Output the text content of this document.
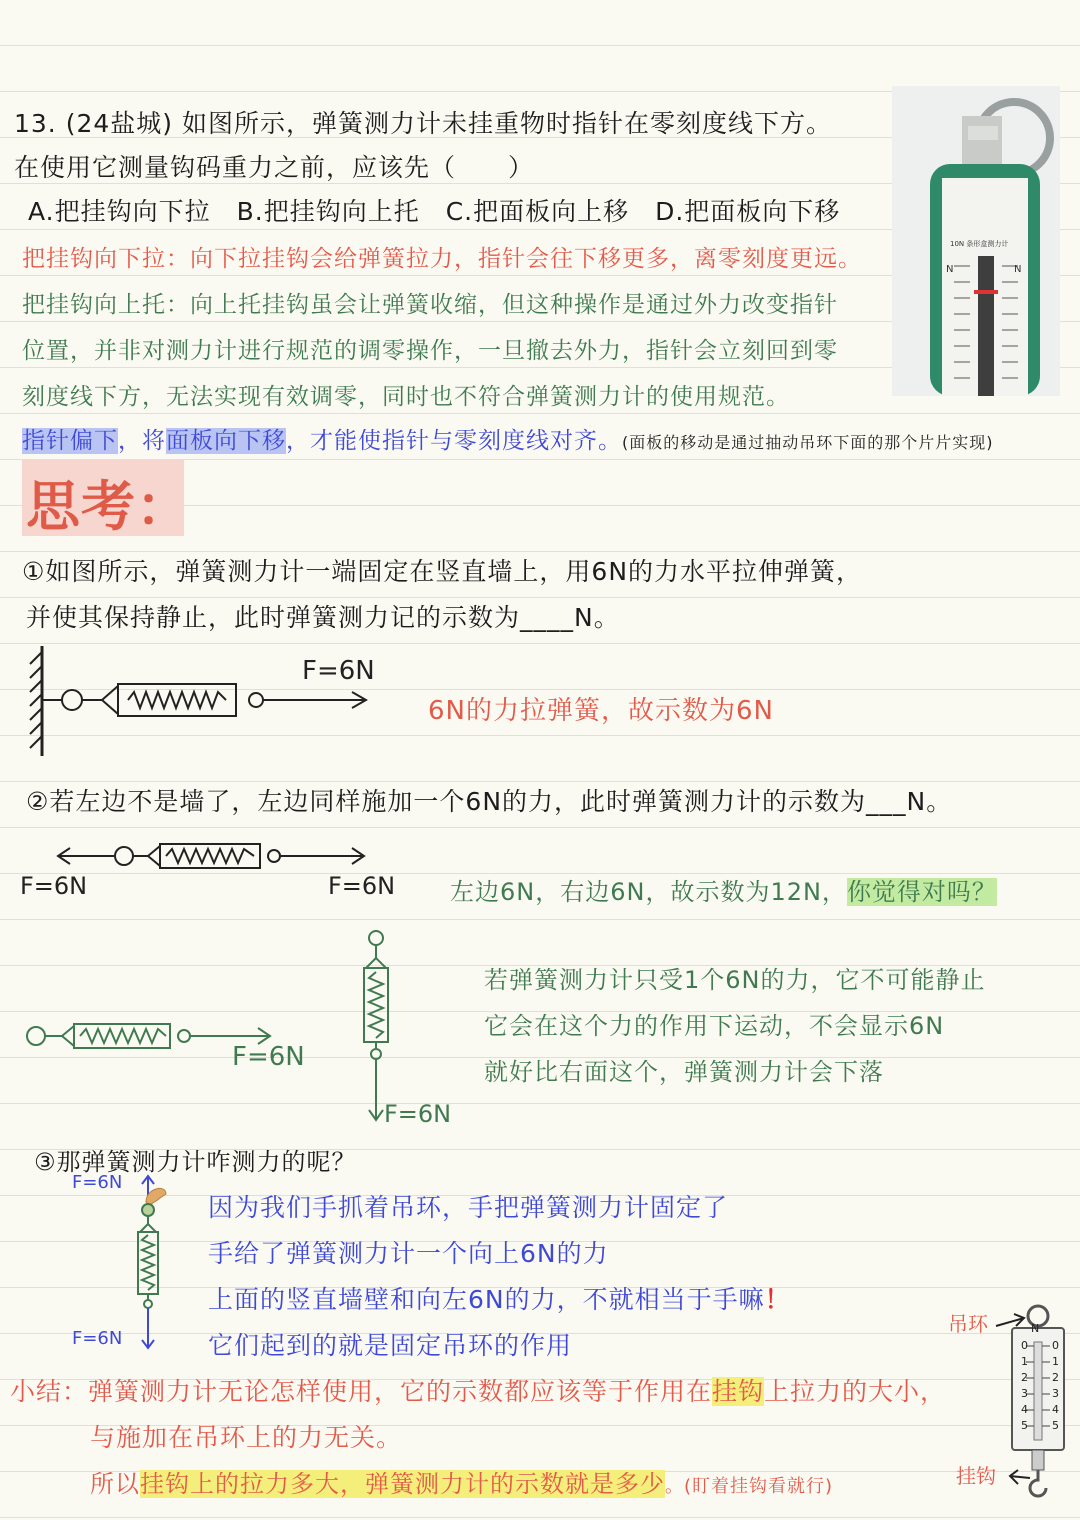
13. (24盐城) 如图所示，弹簧测力计未挂重物时指针在零刻度线下方。
在使用它测量钩码重力之前，应该先（　　）
A.把挂钩向下拉　B.把挂钩向上托　C.把面板向上移　D.把面板向下移
把挂钩向下拉：向下拉挂钩会给弹簧拉力，指针会往下移更多，离零刻度更远。
把挂钩向上托：向上托挂钩虽会让弹簧收缩，但这种操作是通过外力改变指针
位置，并非对测力计进行规范的调零操作，一旦撤去外力，指针会立刻回到零
刻度线下方，无法实现有效调零，同时也不符合弹簧测力计的使用规范。
指针偏下，将面板向下移，才能使指针与零刻度线对齐。(面板的移动是通过抽动吊环下面的那个片片实现)
10N 条形盒测力计
N	N
思考：
①如图所示，弹簧测力计一端固定在竖直墙上，用6N的力水平拉伸弹簧，
并使其保持静止，此时弹簧测力记的示数为____N。
F=6N
6N的力拉弹簧，故示数为6N
②若左边不是墙了，左边同样施加一个6N的力，此时弹簧测力计的示数为___N。
F=6N	F=6N 左边6N，右边6N，故示数为12N，你觉得对吗？
F=6N
F=6N
若弹簧测力计只受1个6N的力，它不可能静止
它会在这个力的作用下运动，不会显示6N
就好比右面这个，弹簧测力计会下落
③那弹簧测力计咋测力的呢？
F=6N
F=6N
因为我们手抓着吊环，手把弹簧测力计固定了
手给了弹簧测力计一个向上6N的力
上面的竖直墙壁和向左6N的力，不就相当于手嘛！
它们起到的就是固定吊环的作用
小结：弹簧测力计无论怎样使用，它的示数都应该等于作用在挂钩上拉力的大小，
与施加在吊环上的力无关。
所以挂钩上的拉力多大，弹簧测力计的示数就是多少。(盯着挂钩看就行)
吊环
挂钩
N
0
1
2
3
4
5
0
1
2
3
4
5
